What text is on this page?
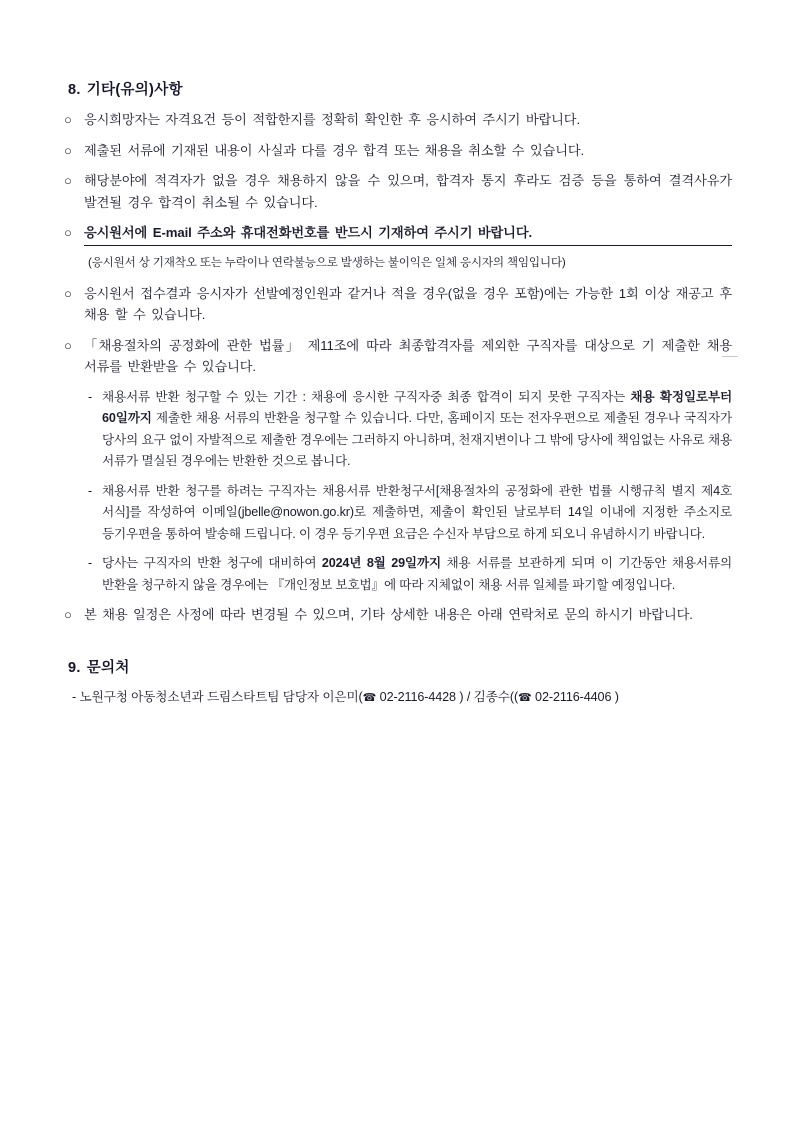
8. 기타(유의)사항
○ 응시희망자는 자격요건 등이 적합한지를 정확히 확인한 후 응시하여 주시기 바랍니다.
○ 제출된 서류에 기재된 내용이 사실과 다를 경우 합격 또는 채용을 취소할 수 있습니다.
○ 해당분야에 적격자가 없을 경우 채용하지 않을 수 있으며, 합격자 통지 후라도 검증 등을 통하여 결격사유가 발견될 경우 합격이 취소될 수 있습니다.
○ 응시원서에 E-mail 주소와 휴대전화번호를 반드시 기재하여 주시기 바랍니다.
(응시원서 상 기재착오 또는 누락이나 연락불능으로 발생하는 불이익은 일체 응시자의 책임입니다)
○ 응시원서 접수결과 응시자가 선발예정인원과 같거나 적을 경우(없을 경우 포함)에는 가능한 1회 이상 재공고 후 채용 할 수 있습니다.
○ 「채용절차의 공정화에 관한 법률」 제11조에 따라 최종합격자를 제외한 구직자를 대상으로 기 제출한 채용 서류를 반환받을 수 있습니다.
- 채용서류 반환 청구할 수 있는 기간 : 채용에 응시한 구직자중 최종 합격이 되지 못한 구직자는 채용 확정일로부터 60일까지 제출한 채용 서류의 반환을 청구할 수 있습니다. 다만, 홈페이지 또는 전자우편으로 제출된 경우나 국직자가 당사의 요구 없이 자발적으로 제출한 경우에는 그러하지 아니하며, 천재지변이나 그 밖에 당사에 책임없는 사유로 채용 서류가 멸실된 경우에는 반환한 것으로 봅니다.
- 채용서류 반환 청구를 하려는 구직자는 채용서류 반환청구서[채용절차의 공정화에 관한 법률 시행규칙 별지 제4호 서식]를 작성하여 이메일(jbelle@nowon.go.kr)로 제출하면, 제출이 확인된 날로부터 14일 이내에 지정한 주소지로 등기우편을 통하여 발송해 드립니다. 이 경우 등기우편 요금은 수신자 부담으로 하게 되오니 유념하시기 바랍니다.
- 당사는 구직자의 반환 청구에 대비하여 2024년 8월 29일까지 채용 서류를 보관하게 되며 이 기간동안 채용서류의 반환을 청구하지 않을 경우에는 『개인정보 보호법』에 따라 지체없이 채용 서류 일체를 파기할 예정입니다.
○ 본 채용 일정은 사정에 따라 변경될 수 있으며, 기타 상세한 내용은 아래 연락처로 문의 하시기 바랍니다.
9. 문의처
- 노원구청 아동청소년과 드림스타트팀 담당자 이은미(☎ 02-2116-4428 ) / 김종수((☎ 02-2116-4406 )
